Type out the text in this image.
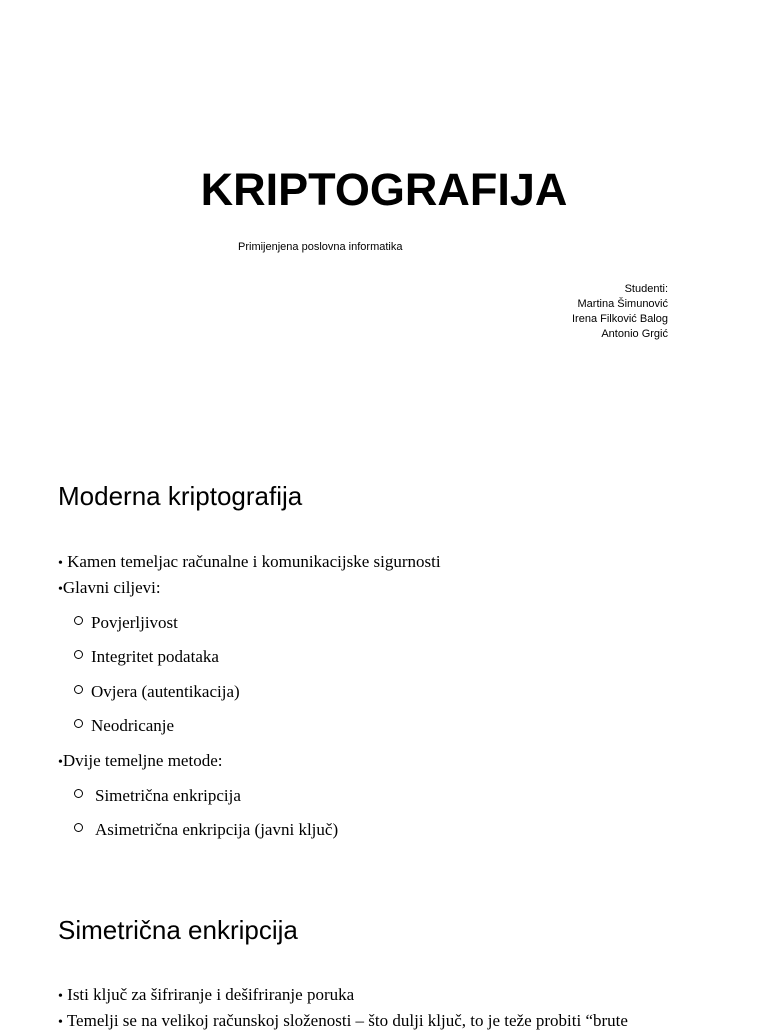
KRIPTOGRAFIJA
Primijenjena poslovna informatika
Studenti:
Martina Šimunović
Irena Filković Balog
Antonio Grgić
Moderna kriptografija
• Kamen temeljac računalne i komunikacijske sigurnosti
•Glavni ciljevi:
Povjerljivost
Integritet podataka
Ovjera (autentikacija)
Neodricanje
•Dvije temeljne metode:
Simetrična enkripcija
Asimetrična enkripcija (javni ključ)
Simetrična enkripcija
• Isti ključ za šifriranje i dešifriranje poruka
• Temelji se na velikoj računskoj složenosti – što dulji ključ, to je teže probiti “brute
